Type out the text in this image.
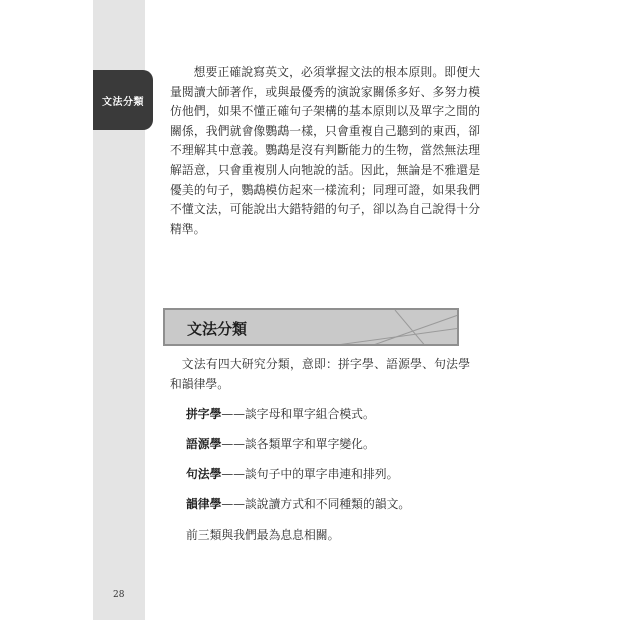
文法分類

想要正確說寫英文，必須掌握文法的根本原則。即便大量閱讀大師著作，或與最優秀的演說家關係多好、多努力模仿他們，如果不懂正確句子架構的基本原則以及單字之間的關係，我們就會像鸚鵡一樣，只會重複自己聽到的東西，卻不理解其中意義。鸚鵡是沒有判斷能力的生物，當然無法理解語意，只會重複別人向牠說的話。因此，無論是不雅還是優美的句子，鸚鵡模仿起來一樣流利；同理可證，如果我們不懂文法，可能說出大錯特錯的句子，卻以為自己說得十分精準。

文法分類

文法有四大研究分類，意即：拼字學、語源學、句法學和韻律學。

拼字學——談字母和單字組合模式。
語源學——談各類單字和單字變化。
句法學——談句子中的單字串連和排列。
韻律學——談說讀方式和不同種類的韻文。
前三類與我們最為息息相關。
28
